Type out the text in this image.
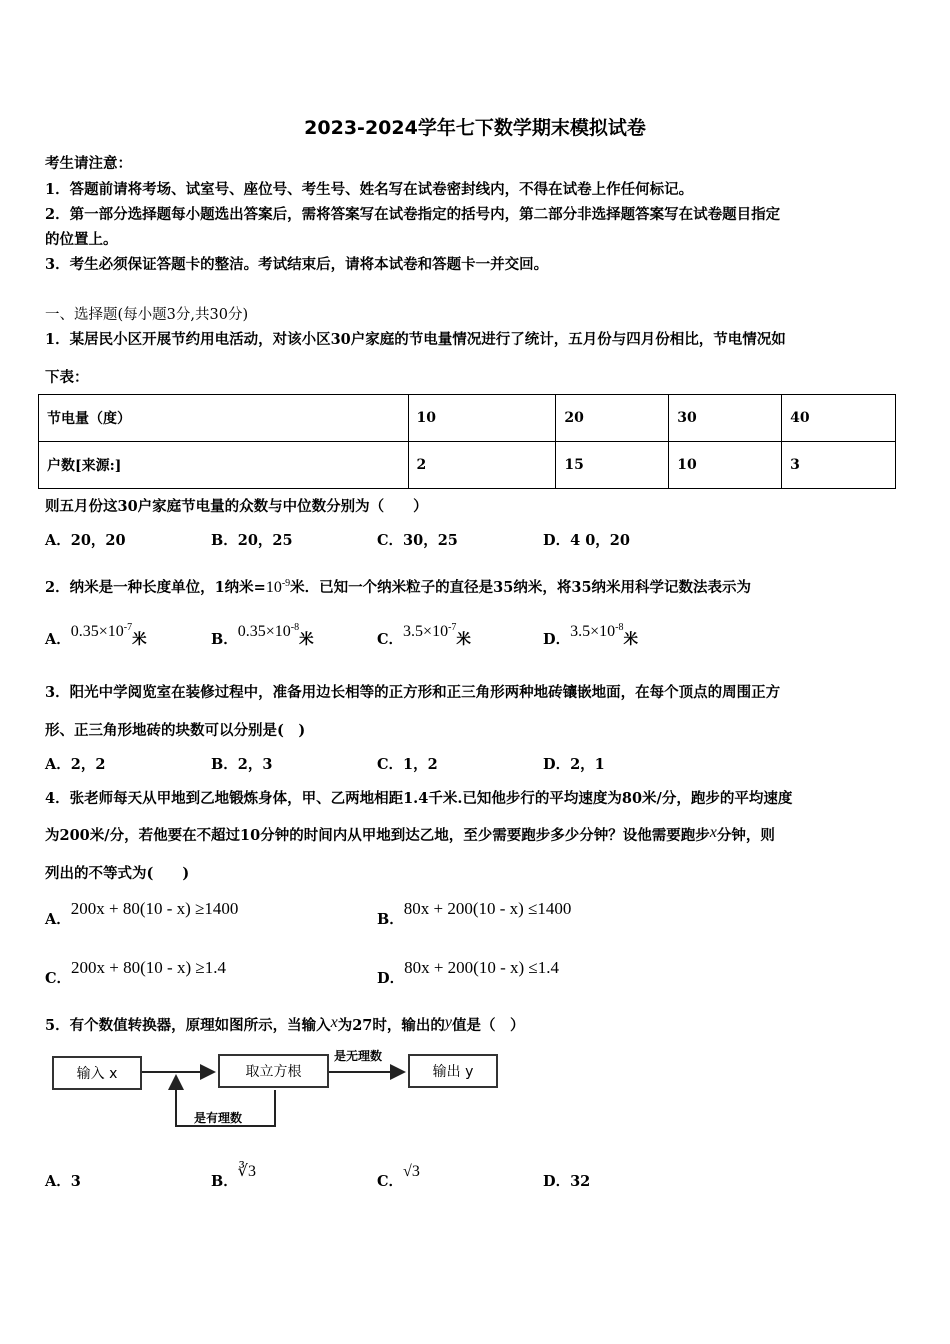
2023-2024学年七下数学期末模拟试卷
考生请注意：
1．答题前请将考场、试室号、座位号、考生号、姓名写在试卷密封线内，不得在试卷上作任何标记。
2．第一部分选择题每小题选出答案后，需将答案写在试卷指定的括号内，第二部分非选择题答案写在试卷题目指定
的位置上。
3．考生必须保证答题卡的整洁。考试结束后，请将本试卷和答题卡一并交回。
一、选择题(每小题3分,共30分)
1．某居民小区开展节约用电活动，对该小区30户家庭的节电量情况进行了统计，五月份与四月份相比，节电情况如
下表：
节电量（度）	10	20	30	40
户数[来源:]	2	15	10	3
则五月份这30户家庭节电量的众数与中位数分别为（　　）
A．20，20	B．20，25	C．30，25	D．4 0，20
2．纳米是一种长度单位，1纳米$=10^{-9}$米．已知一个纳米粒子的直径是35纳米，将35纳米用科学记数法表示为
A．$0.35\times 10^{-7}$米	B．$0.35\times 10^{-8}$米	C．$3.5\times 10^{-7}$米	D．$3.5\times 10^{-8}$米
3．阳光中学阅览室在装修过程中，准备用边长相等的正方形和正三角形两种地砖镶嵌地面，在每个顶点的周围正方
形、正三角形地砖的块数可以分别是(　)
A．2，2	B．2，3	C．1，2	D．2，1
4．张老师每天从甲地到乙地锻炼身体，甲、乙两地相距1.4千米.已知他步行的平均速度为80米/分，跑步的平均速度
为200米/分，若他要在不超过10分钟的时间内从甲地到达乙地，至少需要跑步多少分钟？设他需要跑步x分钟，则
列出的不等式为(　　)
A．200x + 80(10 - x) ≥1400
B．80x + 200(10 - x) ≤1400
C．200x + 80(10 - x) ≥1.4
D．80x + 200(10 - x) ≤1.4
5．有个数值转换器，原理如图所示，当输入x为27时，输出的y值是（　）
输入 x	取立方根	输出 y
是无理数
是有理数
A．3	B．∛3
C．√3
D．32
